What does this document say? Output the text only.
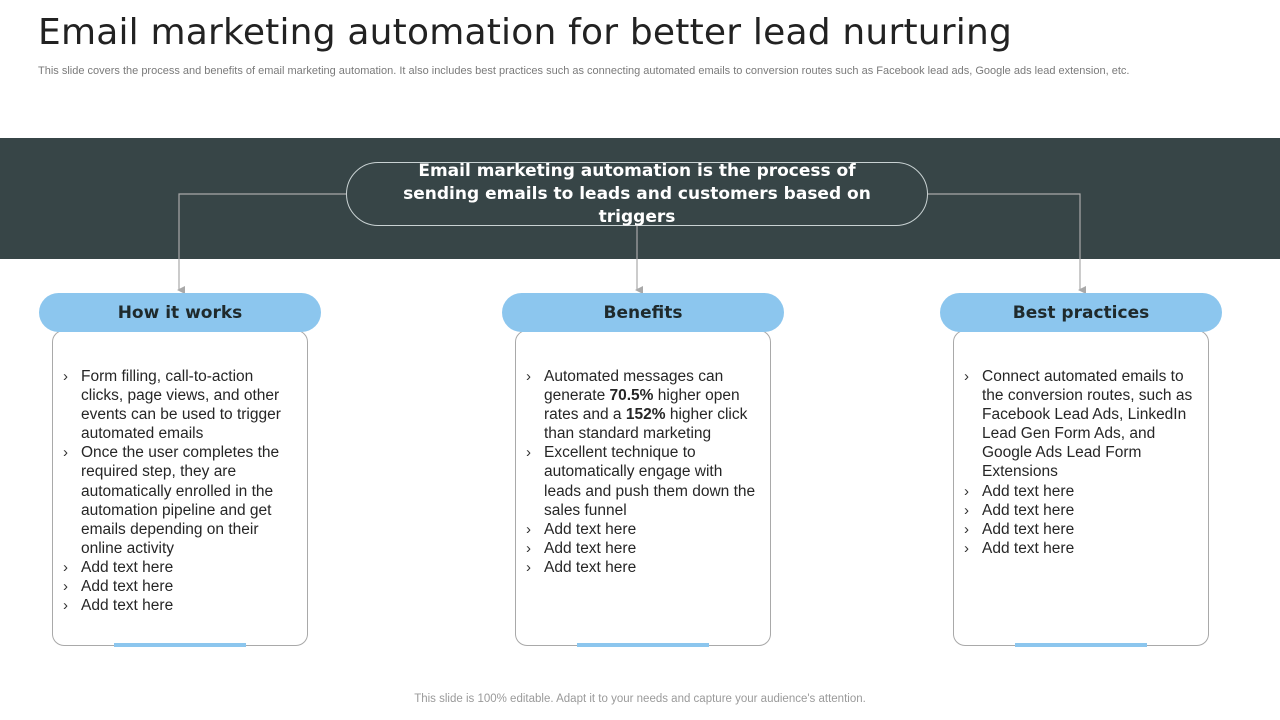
Email marketing automation for better lead nurturing
This slide covers the process and benefits of email marketing automation. It also includes best practices such as connecting automated emails to conversion routes such as Facebook lead ads, Google ads lead extension, etc.
Email marketing automation is the process of sending emails to leads and customers based on triggers
› Form filling, call-to-action clicks, page views, and other events can be used to trigger automated emails
› Once the user completes the required step, they are automatically enrolled in the automation pipeline and get emails depending on their online activity
› Add text here
› Add text here
› Add text here
How it works
› Automated messages can generate 70.5% higher open rates and a 152% higher click than standard marketing
› Excellent technique to automatically engage with leads and push them down the sales funnel
› Add text here
› Add text here
› Add text here
Benefits
› Connect automated emails to the conversion routes, such as Facebook Lead Ads, LinkedIn Lead Gen Form Ads, and Google Ads Lead Form Extensions
› Add text here
› Add text here
› Add text here
› Add text here
Best practices
This slide is 100% editable. Adapt it to your needs and capture your audience's attention.
